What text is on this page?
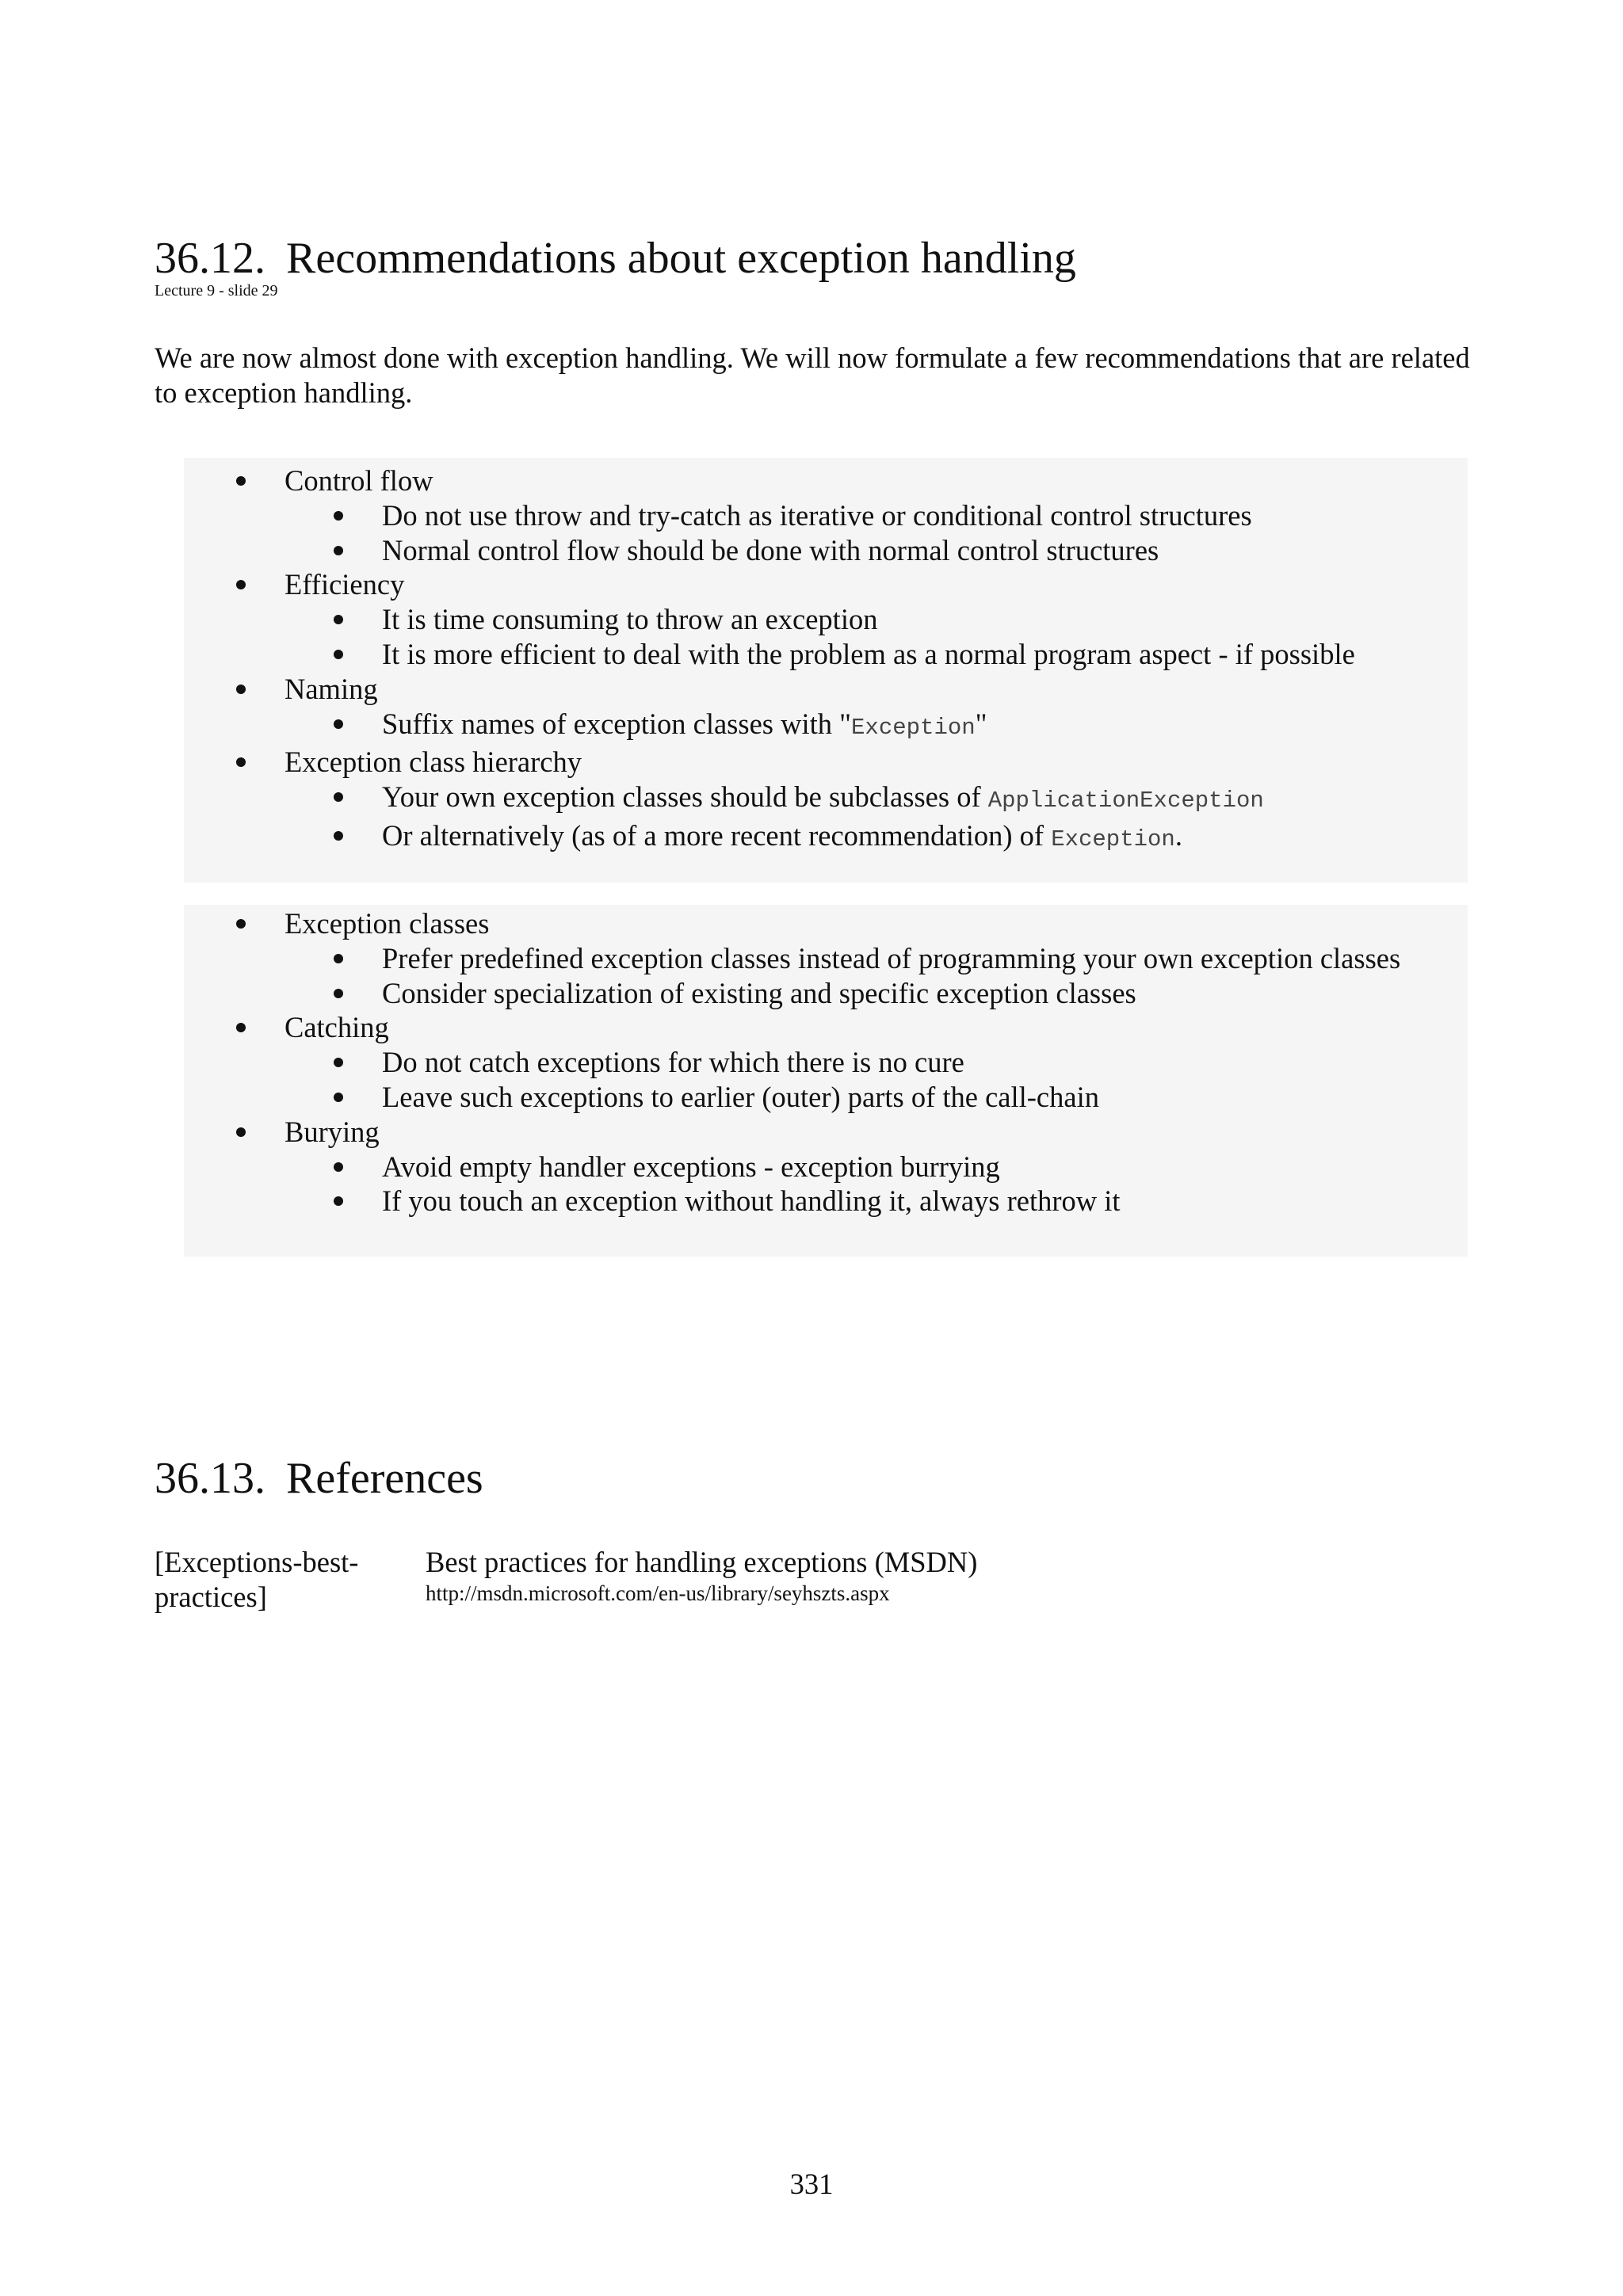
36.12. Recommendations about exception handling
Lecture 9 - slide 29

We are now almost done with exception handling. We will now formulate a few recommendations that are related to exception handling.

Control flow
Do not use throw and try-catch as iterative or conditional control structures
Normal control flow should be done with normal control structures
Efficiency
It is time consuming to throw an exception
It is more efficient to deal with the problem as a normal program aspect - if possible
Naming
Suffix names of exception classes with "Exception"
Exception class hierarchy
Your own exception classes should be subclasses of ApplicationException
Or alternatively (as of a more recent recommendation) of Exception.
Exception classes
Prefer predefined exception classes instead of programming your own exception classes
Consider specialization of existing and specific exception classes
Catching
Do not catch exceptions for which there is no cure
Leave such exceptions to earlier (outer) parts of the call-chain
Burying
Avoid empty handler exceptions - exception burrying
If you touch an exception without handling it, always rethrow it
36.13. References
[Exceptions-best-practices]
Best practices for handling exceptions (MSDN)
http://msdn.microsoft.com/en-us/library/seyhszts.aspx
331
